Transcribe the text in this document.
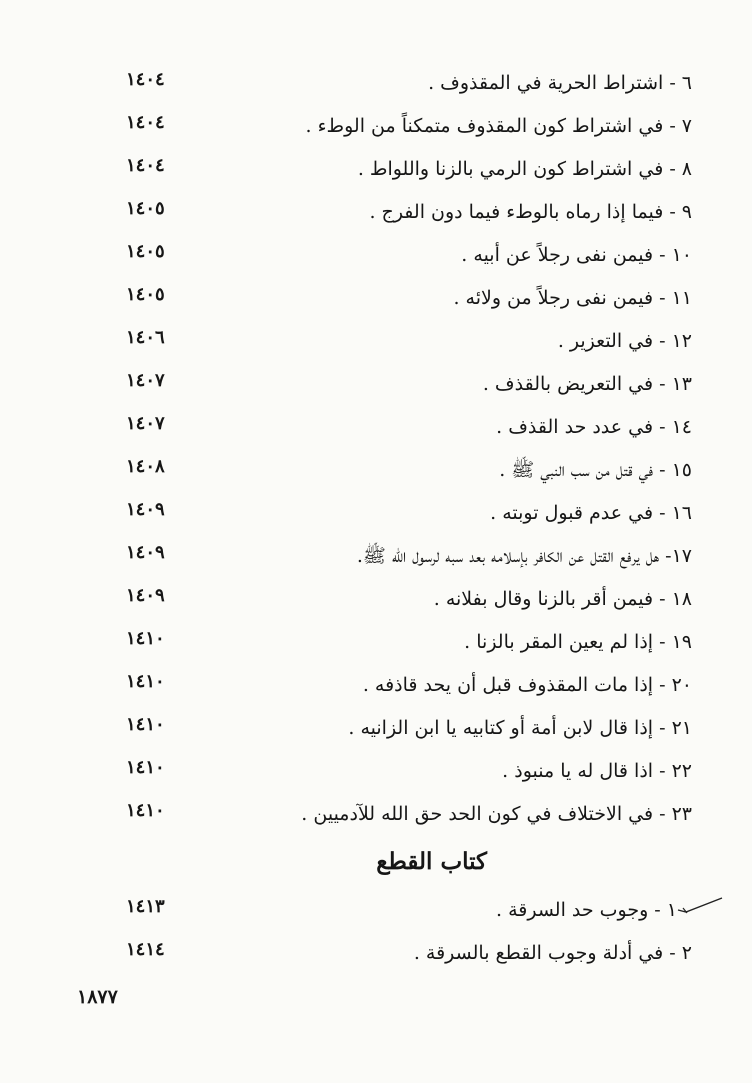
٦ - اشتراط الحرية في المقذوف .
١٤٠٤
٧ - في اشتراط كون المقذوف متمكناً من الوطء .
١٤٠٤
٨ - في اشتراط كون الرمي بالزنا واللواط .
١٤٠٤
٩ - فيما إذا رماه بالوطء فيما دون الفرج .
١٤٠٥
١٠ - فيمن نفى رجلاً عن أبيه .
١٤٠٥
١١ - فيمن نفى رجلاً من ولائه .
١٤٠٥
١٢ - في التعزير .
١٤٠٦
١٣ - في التعريض بالقذف .
١٤٠٧
١٤ - في عدد حد القذف .
١٤٠٧
١٥ - في قتل من سب النبي ﷺ .
١٤٠٨
١٦ - في عدم قبول توبته .
١٤٠٩
١٧- هل يرفع القتل عن الكافر بإسلامه بعد سبه لرسول الله ﷺ.
١٤٠٩
١٨ - فيمن أقر بالزنا وقال بفلانه .
١٤٠٩
١٩ - إذا لم يعين المقر بالزنا .
١٤١٠
٢٠ - إذا مات المقذوف قبل أن يحد قاذفه .
١٤١٠
٢١ - إذا قال لابن أمة أو كتابيه يا ابن الزانيه .
١٤١٠
٢٢ - اذا قال له يا منبوذ .
١٤١٠
٢٣ - في الاختلاف في كون الحد حق الله للآدميين .
١٤١٠
كتاب القطع
١ - وجوب حد السرقة .
١٤١٣
٢ - في أدلة وجوب القطع بالسرقة .
١٤١٤
١٨٧٧
